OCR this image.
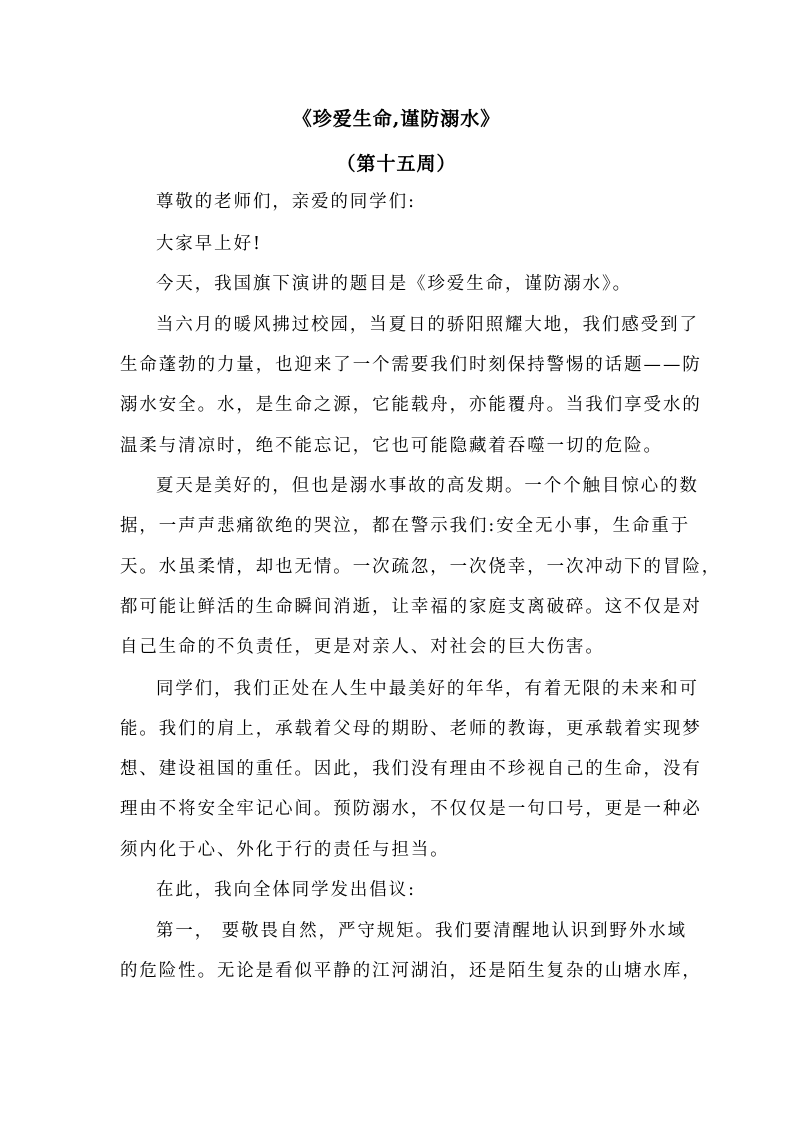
《珍爱生命,谨防溺水》
（第十五周）
尊敬的老师们，亲爱的同学们:
大家早上好!
今天，我国旗下演讲的题目是《珍爱生命，谨防溺水》。
当六月的暖风拂过校园，当夏日的骄阳照耀大地，我们感受到了
生命蓬勃的力量，也迎来了一个需要我们时刻保持警惕的话题——防
溺水安全。水，是生命之源，它能载舟，亦能覆舟。当我们享受水的
温柔与清凉时，绝不能忘记，它也可能隐藏着吞噬一切的危险。
夏天是美好的，但也是溺水事故的高发期。一个个触目惊心的数
据，一声声悲痛欲绝的哭泣，都在警示我们:安全无小事，生命重于
天。水虽柔情，却也无情。一次疏忽，一次侥幸，一次冲动下的冒险，
都可能让鲜活的生命瞬间消逝，让幸福的家庭支离破碎。这不仅是对
自己生命的不负责任，更是对亲人、对社会的巨大伤害。
同学们，我们正处在人生中最美好的年华，有着无限的未来和可
能。我们的肩上，承载着父母的期盼、老师的教诲，更承载着实现梦
想、建设祖国的重任。因此，我们没有理由不珍视自己的生命，没有
理由不将安全牢记心间。预防溺水，不仅仅是一句口号，更是一种必
须内化于心、外化于行的责任与担当。
在此，我向全体同学发出倡议:
第一， 要敬畏自然，严守规矩。我们要清醒地认识到野外水域
的危险性。无论是看似平静的江河湖泊，还是陌生复杂的山塘水库，
